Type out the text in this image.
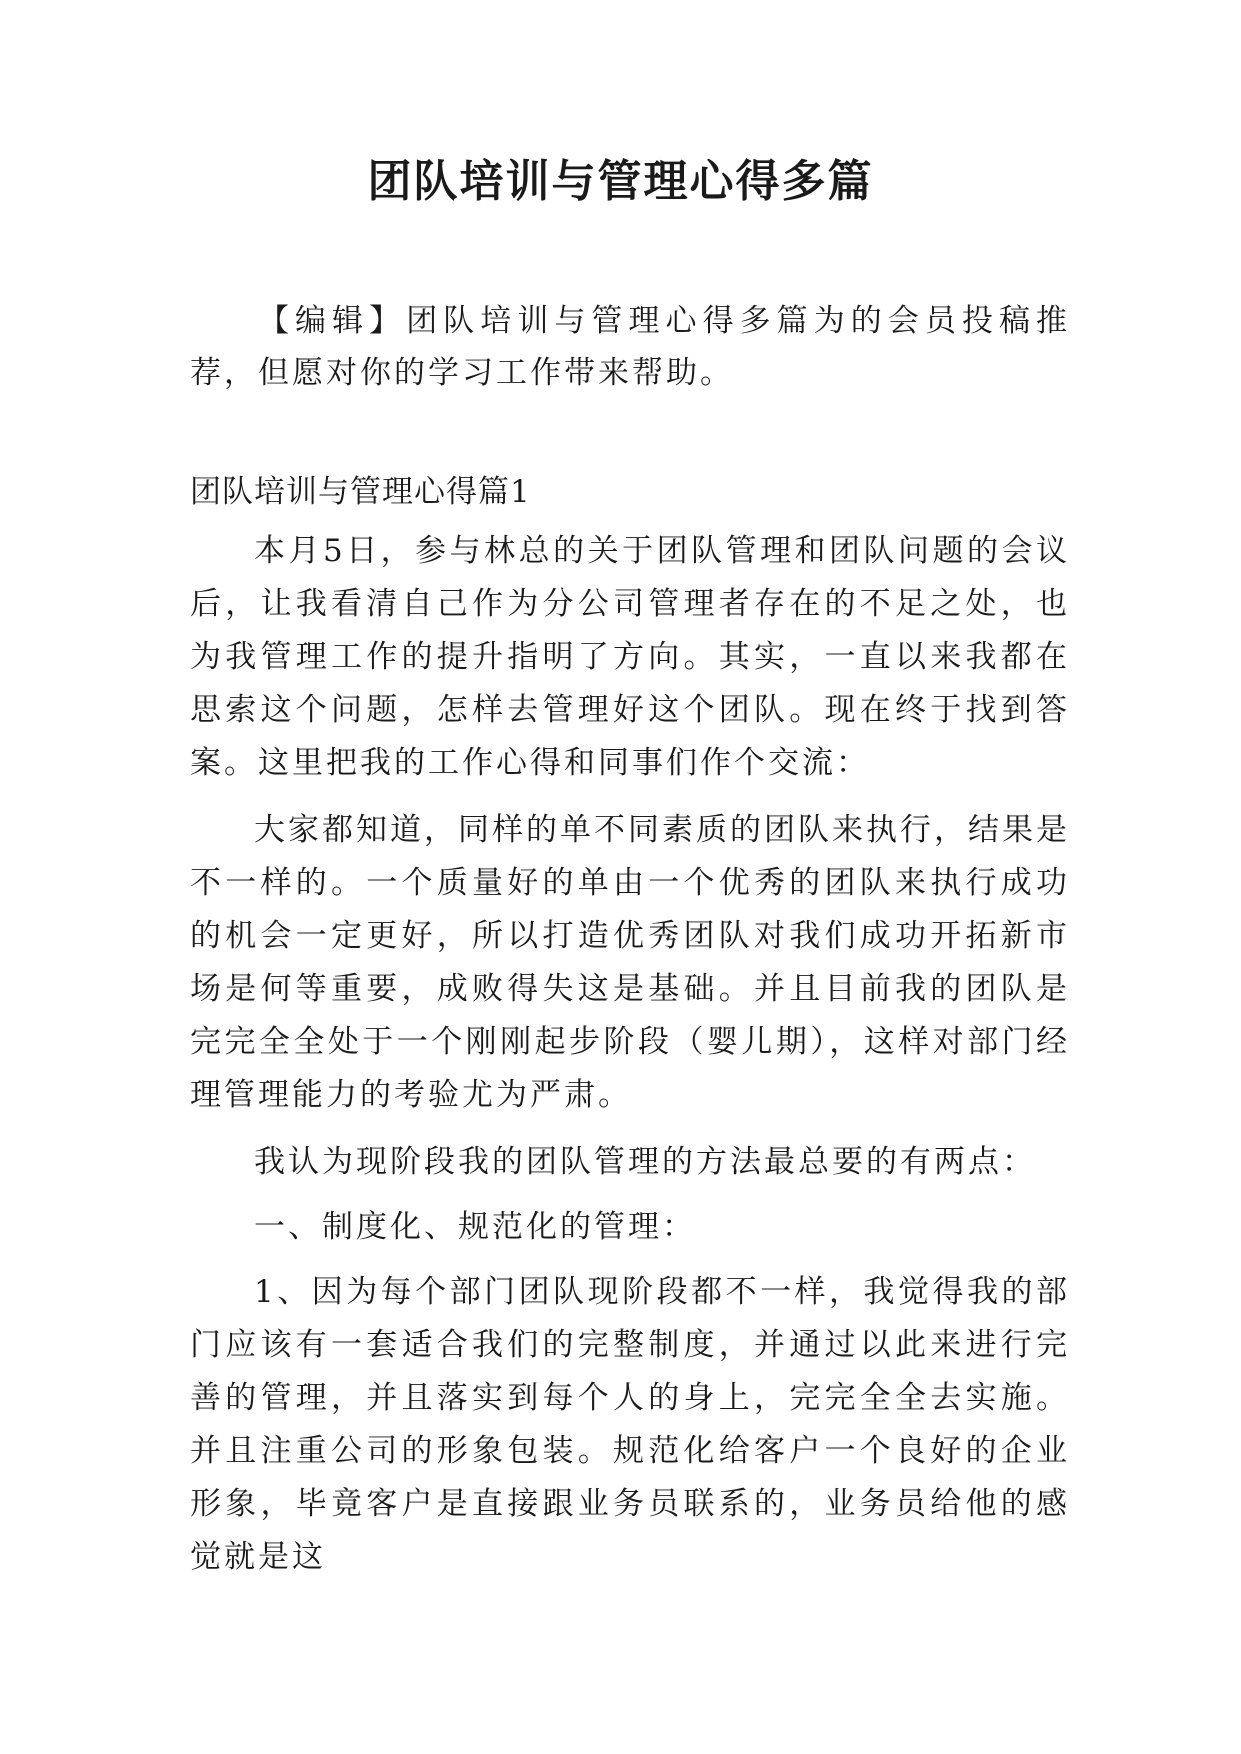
团队培训与管理心得多篇

【编辑】团队培训与管理心得多篇为的会员投稿推荐，但愿对你的学习工作带来帮助。

团队培训与管理心得篇1

本月5日，参与林总的关于团队管理和团队问题的会议后，让我看清自己作为分公司管理者存在的不足之处，也为我管理工作的提升指明了方向。其实，一直以来我都在思索这个问题，怎样去管理好这个团队。现在终于找到答案。这里把我的工作心得和同事们作个交流：

大家都知道，同样的单不同素质的团队来执行，结果是不一样的。一个质量好的单由一个优秀的团队来执行成功的机会一定更好，所以打造优秀团队对我们成功开拓新市场是何等重要，成败得失这是基础。并且目前我的团队是完完全全处于一个刚刚起步阶段（婴儿期），这样对部门经理管理能力的考验尤为严肃。

我认为现阶段我的团队管理的方法最总要的有两点：

一、制度化、规范化的管理：

1、因为每个部门团队现阶段都不一样，我觉得我的部门应该有一套适合我们的完整制度，并通过以此来进行完善的管理，并且落实到每个人的身上，完完全全去实施。并且注重公司的形象包装。规范化给客户一个良好的企业形象，毕竟客户是直接跟业务员联系的，业务员给他的感觉就是这
